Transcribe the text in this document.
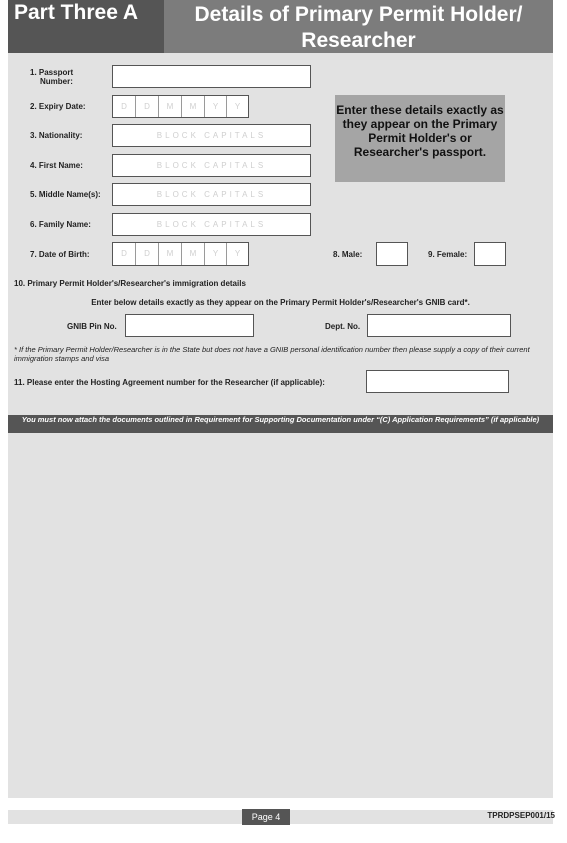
Part Three A	Details of Primary Permit Holder/
Researcher
1. Passport
Number:
2. Expiry Date:	D	D	M	M	Y	Y	Enter these details exactly as they appear on the Primary Permit Holder's or Researcher's passport.
3. Nationality:	BLOCK CAPITALS
4. First Name:	BLOCK CAPITALS
5. Middle Name(s):	BLOCK CAPITALS
6. Family Name:	BLOCK CAPITALS
7. Date of Birth:	D	D	M	M	Y	Y	8. Male:	9. Female:
10. Primary Permit Holder's/Researcher's immigration details
Enter below details exactly as they appear on the Primary Permit Holder's/Researcher's GNIB card*.
GNIB Pin No.	Dept. No.
* If the Primary Permit Holder/Researcher is in the State but does not have a GNIB personal identification number then please supply a copy of their current immigration stamps and visa
11. Please enter the Hosting Agreement number for the Researcher (if applicable):
You must now attach the documents outlined in Requirement for Supporting Documentation under “(C) Application Requirements” (if applicable)
Page 4	TPRDPSEP001/15
